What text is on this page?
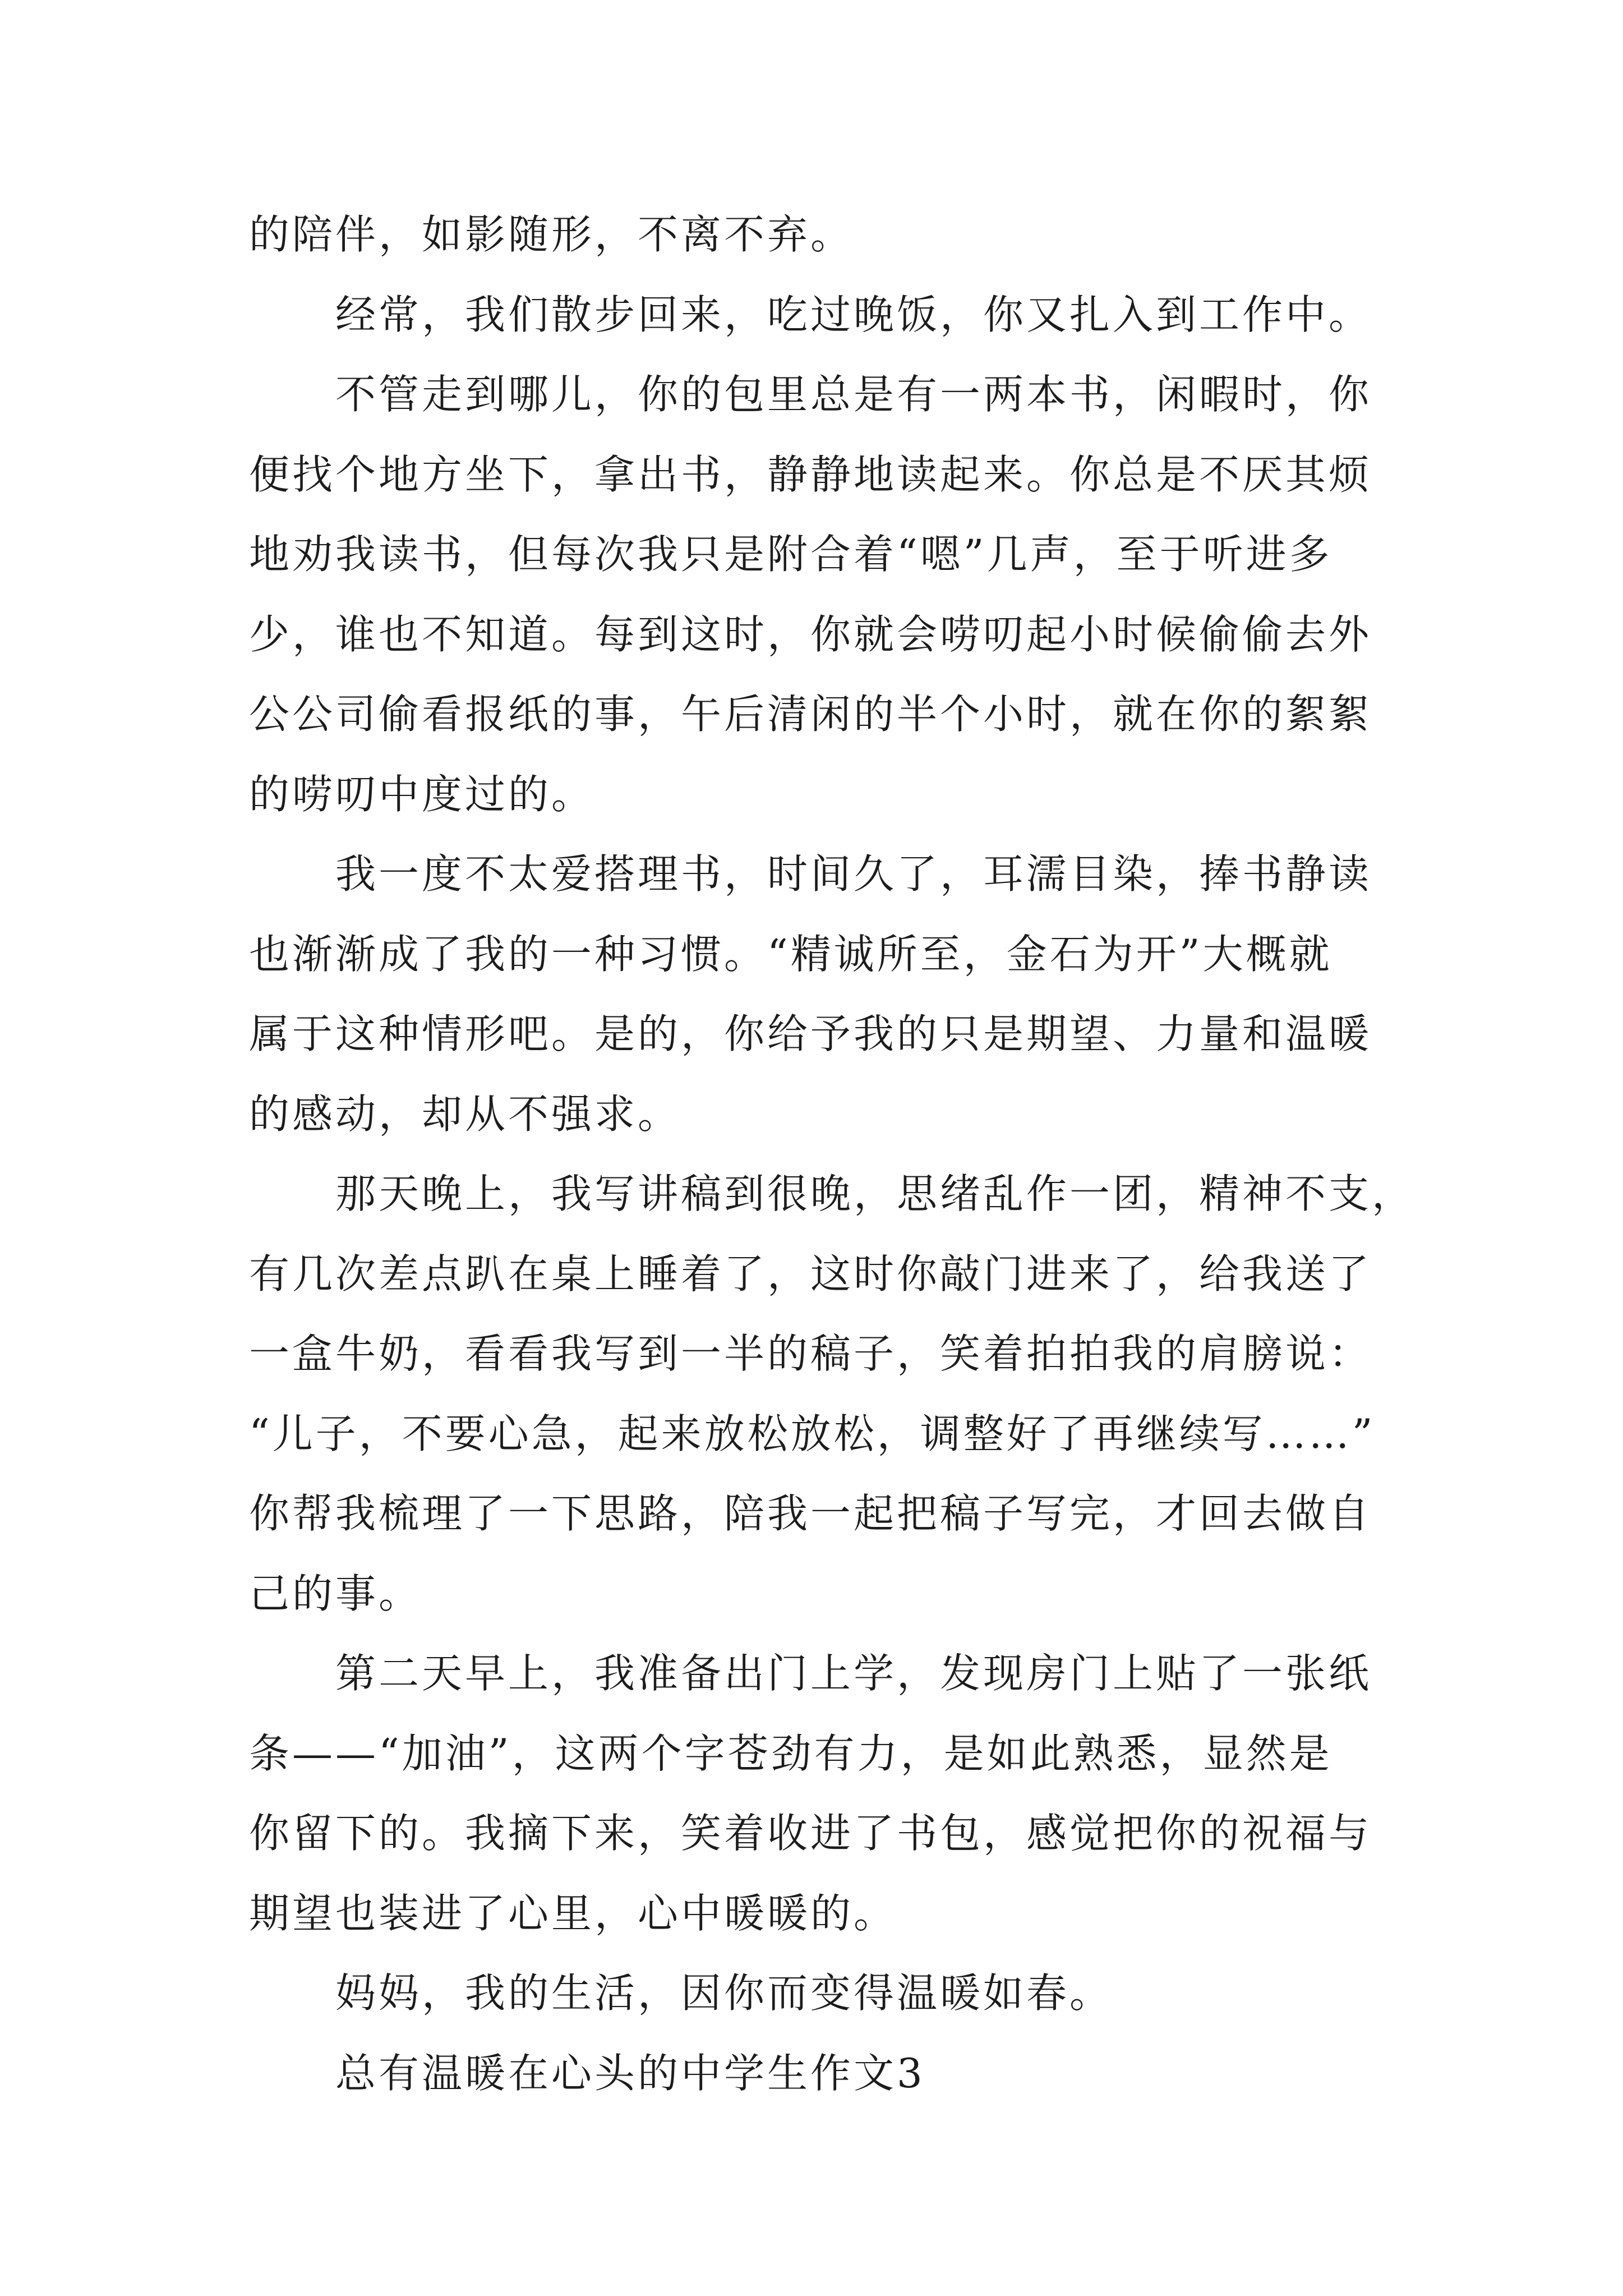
的陪伴，如影随形，不离不弃。

经常，我们散步回来，吃过晚饭，你又扎入到工作中。

不管走到哪儿，你的包里总是有一两本书，闲暇时，你
便找个地方坐下，拿出书，静静地读起来。你总是不厌其烦
地劝我读书，但每次我只是附合着“嗯”几声，至于听进多
少，谁也不知道。每到这时，你就会唠叨起小时候偷偷去外
公公司偷看报纸的事，午后清闲的半个小时，就在你的絮絮
的唠叨中度过的。

我一度不太爱搭理书，时间久了，耳濡目染，捧书静读
也渐渐成了我的一种习惯。“精诚所至，金石为开”大概就
属于这种情形吧。是的，你给予我的只是期望、力量和温暖
的感动，却从不强求。

那天晚上，我写讲稿到很晚，思绪乱作一团，精神不支，
有几次差点趴在桌上睡着了，这时你敲门进来了，给我送了
一盒牛奶，看看我写到一半的稿子，笑着拍拍我的肩膀说：
“儿子，不要心急，起来放松放松，调整好了再继续写……”
你帮我梳理了一下思路，陪我一起把稿子写完，才回去做自
己的事。

第二天早上，我准备出门上学，发现房门上贴了一张纸
条——“加油”，这两个字苍劲有力，是如此熟悉，显然是
你留下的。我摘下来，笑着收进了书包，感觉把你的祝福与
期望也装进了心里，心中暖暖的。

妈妈，我的生活，因你而变得温暖如春。

总有温暖在心头的中学生作文3
